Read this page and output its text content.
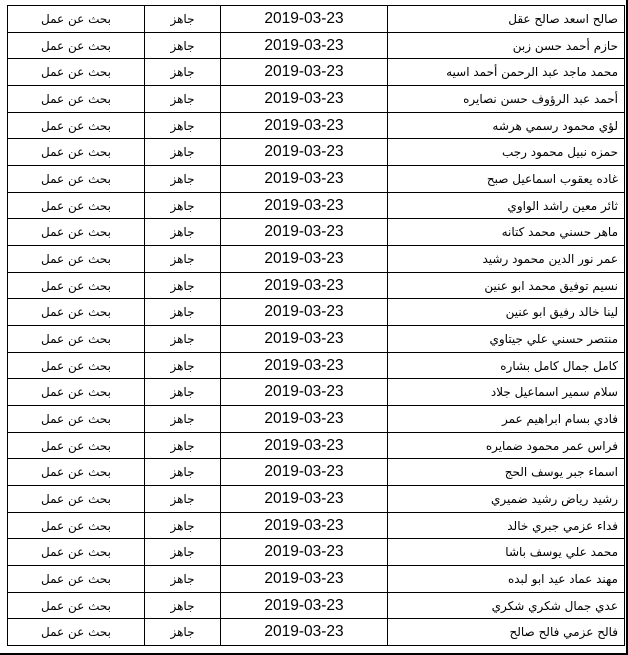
صالح اسعد صالح عقل	2019-03-23	جاهز	بحث عن عمل
حازم أحمد حسن زبن	2019-03-23	جاهز	بحث عن عمل
محمد ماجد عبد الرحمن أحمد اسيه	2019-03-23	جاهز	بحث عن عمل
أحمد عبد الرؤوف حسن نصايره	2019-03-23	جاهز	بحث عن عمل
لؤي محمود رسمي هرشه	2019-03-23	جاهز	بحث عن عمل
حمزه نبيل محمود رجب	2019-03-23	جاهز	بحث عن عمل
غاده يعقوب اسماعيل صبح	2019-03-23	جاهز	بحث عن عمل
ثائر معين راشد الواوي	2019-03-23	جاهز	بحث عن عمل
ماهر حسني محمد كتانه	2019-03-23	جاهز	بحث عن عمل
عمر نور الدين محمود رشيد	2019-03-23	جاهز	بحث عن عمل
نسيم توفيق محمد ابو عنين	2019-03-23	جاهز	بحث عن عمل
لينا خالد رفيق ابو عنين	2019-03-23	جاهز	بحث عن عمل
منتصر حسني علي جيتاوي	2019-03-23	جاهز	بحث عن عمل
كامل جمال كامل بشاره	2019-03-23	جاهز	بحث عن عمل
سلام سمير اسماعيل جلاد	2019-03-23	جاهز	بحث عن عمل
فادي بسام ابراهيم عمر	2019-03-23	جاهز	بحث عن عمل
فراس عمر محمود ضمايره	2019-03-23	جاهز	بحث عن عمل
اسماء جبر يوسف الحج	2019-03-23	جاهز	بحث عن عمل
رشيد رياض رشيد ضميري	2019-03-23	جاهز	بحث عن عمل
فداء عزمي جبري خالد	2019-03-23	جاهز	بحث عن عمل
محمد علي يوسف باشا	2019-03-23	جاهز	بحث عن عمل
مهند عماد عيد ابو لبده	2019-03-23	جاهز	بحث عن عمل
عدي جمال شكري شكري	2019-03-23	جاهز	بحث عن عمل
فالح عزمي فالح صالح	2019-03-23	جاهز	بحث عن عمل
